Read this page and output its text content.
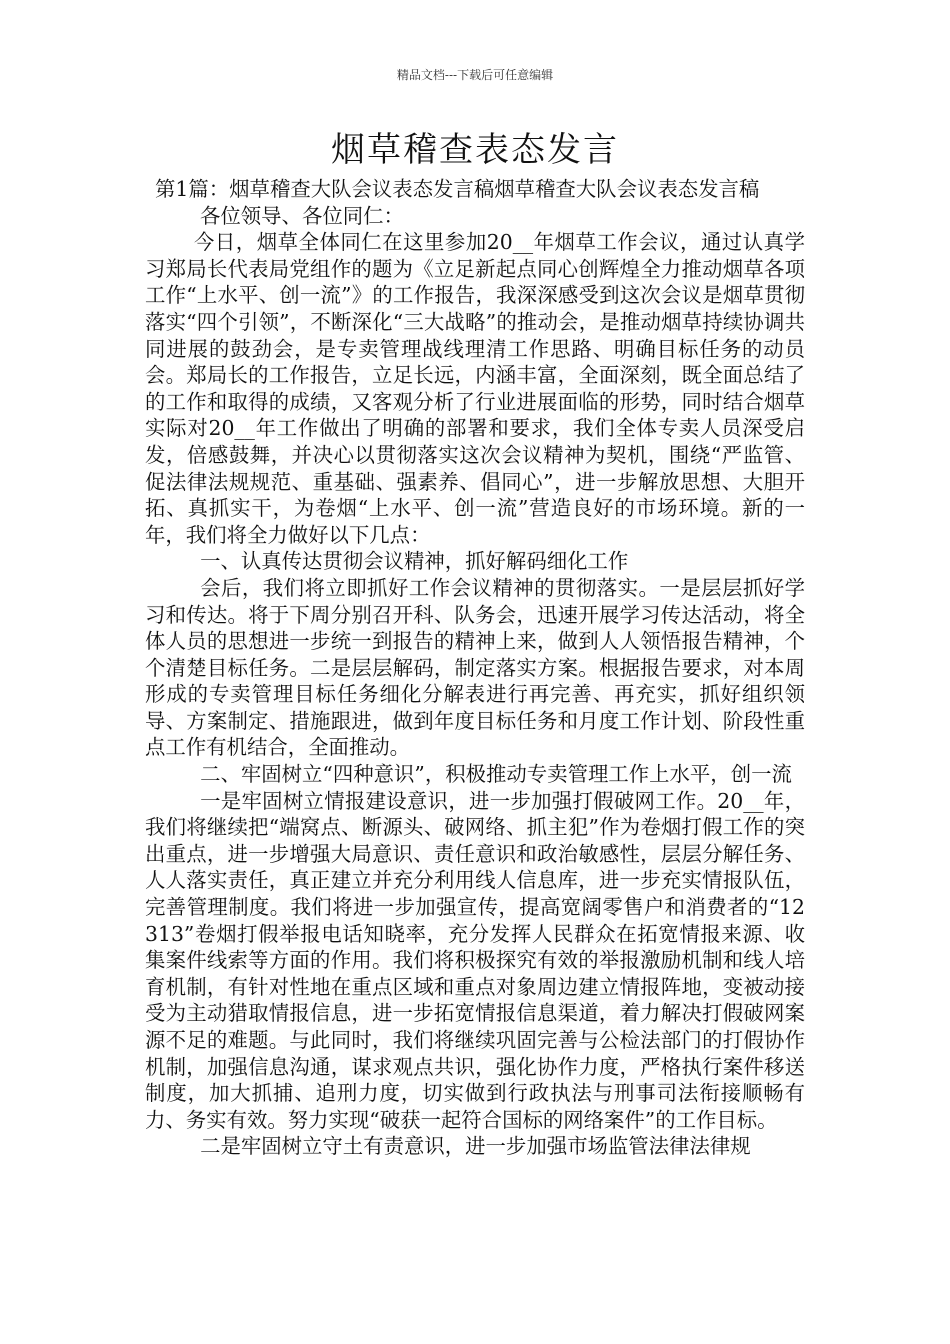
精品文档---下载后可任意编辑
烟草稽查表态发言

第1篇：烟草稽查大队会议表态发言稿烟草稽查大队会议表态发言稿

各位领导、各位同仁：

今日，烟草全体同仁在这里参加20__年烟草工作会议，通过认真学习郑局长代表局党组作的题为《立足新起点同心创辉煌全力推动烟草各项工作“上水平、创一流”》的工作报告，我深深感受到这次会议是烟草贯彻落实“四个引领”，不断深化“三大战略”的推动会，是推动烟草持续协调共同进展的鼓劲会，是专卖管理战线理清工作思路、明确目标任务的动员会。郑局长的工作报告，立足长远，内涵丰富，全面深刻，既全面总结了的工作和取得的成绩，又客观分析了行业进展面临的形势，同时结合烟草实际对20__年工作做出了明确的部署和要求，我们全体专卖人员深受启发，倍感鼓舞，并决心以贯彻落实这次会议精神为契机，围绕“严监管、促法律法规规范、重基础、强素养、倡同心”，进一步解放思想、大胆开拓、真抓实干，为卷烟“上水平、创一流”营造良好的市场环境。新的一年，我们将全力做好以下几点：

一、认真传达贯彻会议精神，抓好解码细化工作

会后，我们将立即抓好工作会议精神的贯彻落实。一是层层抓好学习和传达。将于下周分别召开科、队务会，迅速开展学习传达活动，将全体人员的思想进一步统一到报告的精神上来，做到人人领悟报告精神，个个清楚目标任务。二是层层解码，制定落实方案。根据报告要求，对本周形成的专卖管理目标任务细化分解表进行再完善、再充实，抓好组织领导、方案制定、措施跟进，做到年度目标任务和月度工作计划、阶段性重点工作有机结合，全面推动。

二、牢固树立“四种意识”，积极推动专卖管理工作上水平，创一流

一是牢固树立情报建设意识，进一步加强打假破网工作。20__年，我们将继续把“端窝点、断源头、破网络、抓主犯”作为卷烟打假工作的突出重点，进一步增强大局意识、责任意识和政治敏感性，层层分解任务、人人落实责任，真正建立并充分利用线人信息库，进一步充实情报队伍，完善管理制度。我们将进一步加强宣传，提高宽阔零售户和消费者的“12313”卷烟打假举报电话知晓率，充分发挥人民群众在拓宽情报来源、收集案件线索等方面的作用。我们将积极探究有效的举报激励机制和线人培育机制，有针对性地在重点区域和重点对象周边建立情报阵地，变被动接受为主动猎取情报信息，进一步拓宽情报信息渠道，着力解决打假破网案源不足的难题。与此同时，我们将继续巩固完善与公检法部门的打假协作机制，加强信息沟通，谋求观点共识，强化协作力度，严格执行案件移送制度，加大抓捕、追刑力度，切实做到行政执法与刑事司法衔接顺畅有力、务实有效。努力实现“破获一起符合国标的网络案件”的工作目标。

二是牢固树立守土有责意识，进一步加强市场监管法律法律规
